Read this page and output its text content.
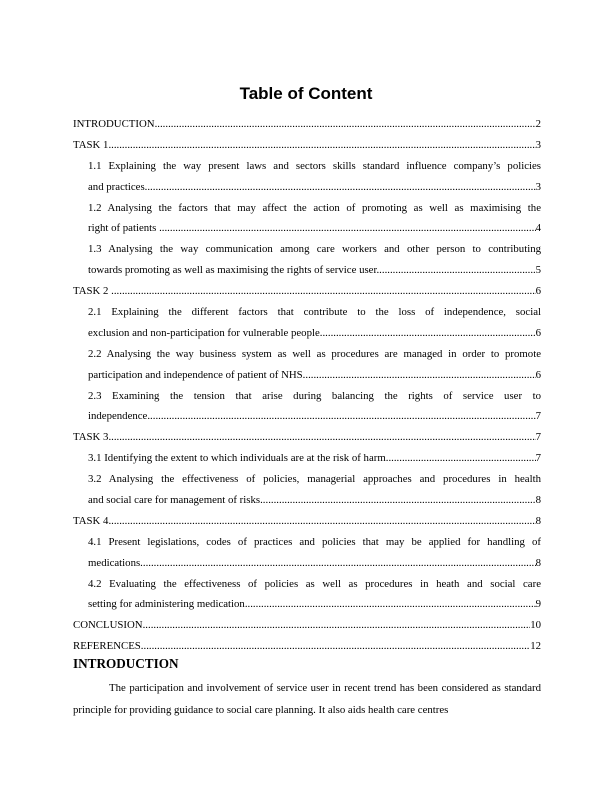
Table of Content
INTRODUCTION .....	2
TASK 1 .....	3
1.1 Explaining the way present laws and sectors skills standard influence company’s policies
and practices .....	3
1.2 Analysing the factors that may affect the action of promoting as well as maximising the
right of patients .....	4
1.3 Analysing the way communication among care workers and other person to contributing
towards promoting as well as maximising the rights of service user .....	5
TASK 2 .....	6
2.1 Explaining the different factors that contribute to the loss of independence, social
exclusion and non-participation for vulnerable people .....	6
2.2 Analysing the way business system as well as procedures are managed in order to promote
participation and independence of patient of NHS .....	6
2.3 Examining the tension that arise during balancing the rights of service user to
independence .....	7
TASK 3 .....	7
3.1 Identifying the extent to which individuals are at the risk of harm .....	7
3.2 Analysing the effectiveness of policies, managerial approaches and procedures in health
and social care for management of risks .....	8
TASK 4 .....	8
4.1 Present legislations, codes of practices and policies that may be applied for handling of
medications .....	8
4.2 Evaluating the effectiveness of policies as well as procedures in heath and social care
setting for administering medication .....	9
CONCLUSION .....	10
REFERENCES .....	12
INTRODUCTION

The participation and involvement of service user in recent trend has been considered as standard principle for providing guidance to social care planning. It also aids health care centres
